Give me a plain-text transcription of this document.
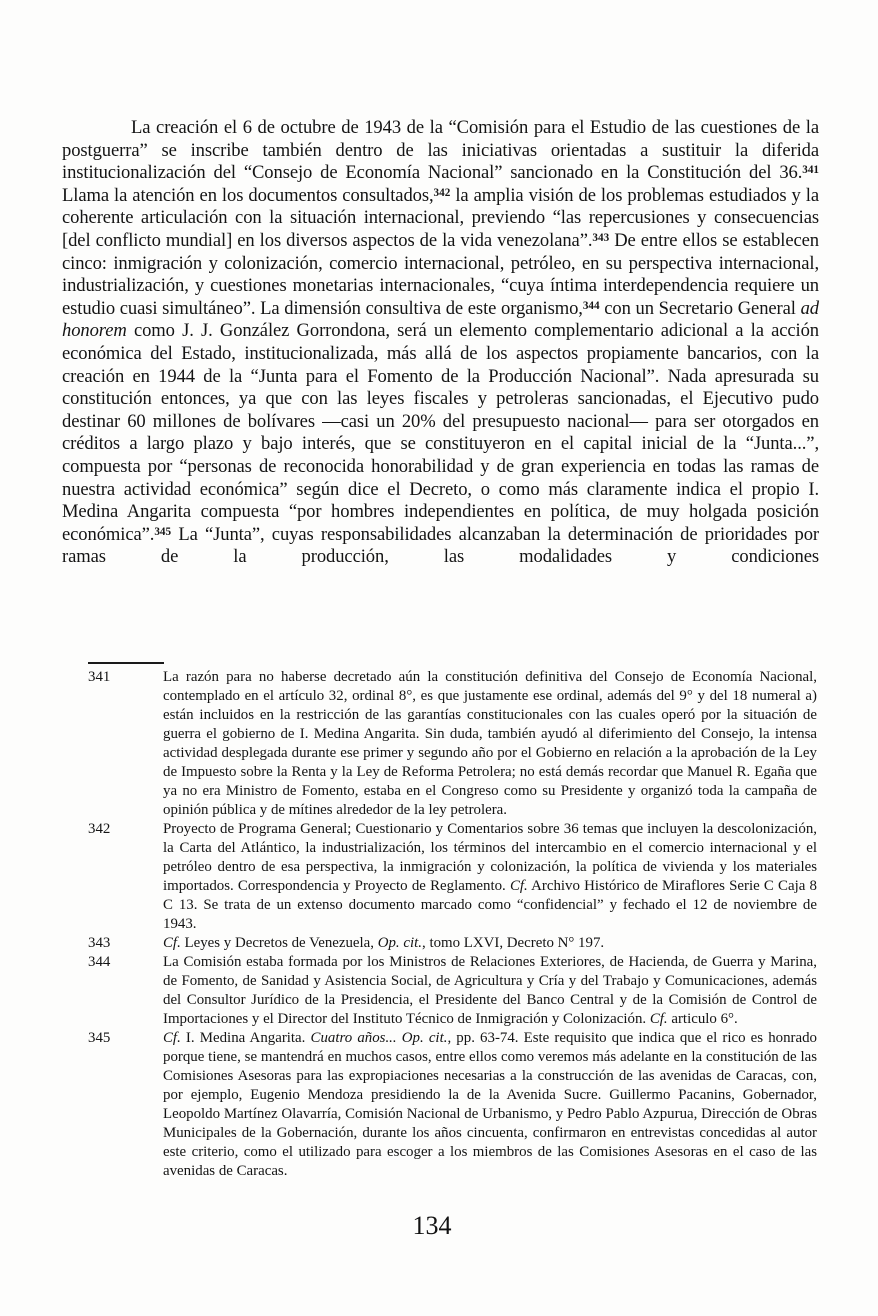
La creación el 6 de octubre de 1943 de la “Comisión para el Estudio de las cuestiones de la postguerra” se inscribe también dentro de las iniciativas orientadas a sustituir la diferida institucionalización del “Consejo de Economía Nacional” sancionado en la Constitución del 36.$^{341}$ Llama la atención en los documentos consultados,$^{342}$ la amplia visión de los problemas estudiados y la coherente articulación con la situación internacional, previendo “las repercusiones y consecuencias [del conflicto mundial] en los diversos aspectos de la vida venezolana”.$^{343}$ De entre ellos se establecen cinco: inmigración y colonización, comercio internacional, petróleo, en su perspectiva internacional, industrialización, y cuestiones monetarias internacionales, “cuya íntima interdependencia requiere un estudio cuasi simultáneo”. La dimensión consultiva de este organismo,$^{344}$ con un Secretario General ad honorem como J. J. González Gorrondona, será un elemento complementario adicional a la acción económica del Estado, institucionalizada, más allá de los aspectos propiamente bancarios, con la creación en 1944 de la “Junta para el Fomento de la Producción Nacional”. Nada apresurada su constitución entonces, ya que con las leyes fiscales y petroleras sancionadas, el Ejecutivo pudo destinar 60 millones de bolívares —casi un 20% del presupuesto nacional— para ser otorgados en créditos a largo plazo y bajo interés, que se constituyeron en el capital inicial de la “Junta...”, compuesta por “personas de reconocida honorabilidad y de gran experiencia en todas las ramas de nuestra actividad económica” según dice el Decreto, o como más claramente indica el propio I. Medina Angarita compuesta “por hombres independientes en política, de muy holgada posición económica”.$^{345}$ La “Junta”, cuyas responsabilidades alcanzaban la determinación de prioridades por ramas de la producción, las modalidades y condiciones
341	La razón para no haberse decretado aún la constitución definitiva del Consejo de Economía Nacional, contemplado en el artículo 32, ordinal 8°, es que justamente ese ordinal, además del 9° y del 18 numeral a) están incluidos en la restricción de las garantías constitucionales con las cuales operó por la situación de guerra el gobierno de I. Medina Angarita. Sin duda, también ayudó al diferimiento del Consejo, la intensa actividad desplegada durante ese primer y segundo año por el Gobierno en relación a la aprobación de la Ley de Impuesto sobre la Renta y la Ley de Reforma Petrolera; no está demás recordar que Manuel R. Egaña que ya no era Ministro de Fomento, estaba en el Congreso como su Presidente y organizó toda la campaña de opinión pública y de mítines alrededor de la ley petrolera.
342	Proyecto de Programa General; Cuestionario y Comentarios sobre 36 temas que incluyen la descolonización, la Carta del Atlántico, la industrialización, los términos del intercambio en el comercio internacional y el petróleo dentro de esa perspectiva, la inmigración y colonización, la política de vivienda y los materiales importados. Correspondencia y Proyecto de Reglamento. Cf. Archivo Histórico de Miraflores Serie C Caja 8 C 13. Se trata de un extenso documento marcado como “confidencial” y fechado el 12 de noviembre de 1943.
343	Cf. Leyes y Decretos de Venezuela, Op. cit., tomo LXVI, Decreto N° 197.
344	La Comisión estaba formada por los Ministros de Relaciones Exteriores, de Hacienda, de Guerra y Marina, de Fomento, de Sanidad y Asistencia Social, de Agricultura y Cría y del Trabajo y Comunicaciones, además del Consultor Jurídico de la Presidencia, el Presidente del Banco Central y de la Comisión de Control de Importaciones y el Director del Instituto Técnico de Inmigración y Colonización. Cf. articulo 6°.
345	Cf. I. Medina Angarita. Cuatro años... Op. cit., pp. 63-74. Este requisito que indica que el rico es honrado porque tiene, se mantendrá en muchos casos, entre ellos como veremos más adelante en la constitución de las Comisiones Asesoras para las expropiaciones necesarias a la construcción de las avenidas de Caracas, con, por ejemplo, Eugenio Mendoza presidiendo la de la Avenida Sucre. Guillermo Pacanins, Gobernador, Leopoldo Martínez Olavarría, Comisión Nacional de Urbanismo, y Pedro Pablo Azpurua, Dirección de Obras Municipales de la Gobernación, durante los años cincuenta, confirmaron en entrevistas concedidas al autor este criterio, como el utilizado para escoger a los miembros de las Comisiones Asesoras en el caso de las avenidas de Caracas.
134
